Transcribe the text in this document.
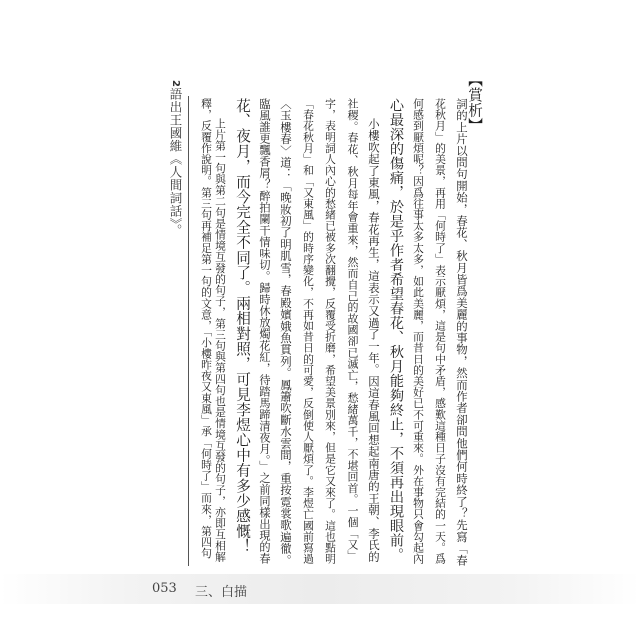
【賞析】
詞的上片以問句開始，春花、秋月皆爲美麗的事物，然而作者卻問他們何時終了？先寫「春
花秋月」的美景，再用「何時了」表示厭煩，這是句中矛盾，感歎這種日子沒有完結的一天。爲
何感到厭煩呢？因爲往事太多太多，如此美麗，而昔日的美好已不可重來。外在事物只會勾起內
心最深的傷痛，於是乎作者希望春花、秋月能夠終止，不須再出現眼前。
小樓吹起了東風，春花再生，這表示又過了一年。因這春風回想起南唐的王朝、李氏的
社稷。春花、秋月每年會重來，然而自己的故國卻已滅亡，愁緒萬千，不堪回首。一個「又」
字，表明詞人內心的愁緒已被多次翻攪，反覆受折磨，希望美景別來，但是它又來了。這也點明
「春花秋月」和「又東風」的時序變化，不再如昔日的可愛，反倒使人厭煩了。李煜亡國前寫過
〈玉樓春〉道：「晚妝初了明肌雪，春殿嬪娥魚貫列。鳳簫吹斷水雲間，重按霓裳歌遍徹。
臨風誰更飄香屑？醉拍闌干情味切。歸時休放燭花紅，待踏馬蹄清夜月。」之前同樣出現的春
花、夜月，而今完全不同了。兩相對照，可見李煜心中有多少感慨！
上片第一句與第二句是情境互發的句子，第三句與第四句也是情境互發的句子，亦即互相解
2語出王國維《人間詞話》。
053 三、白描
釋，反覆作說明。第三句再補足第一句的文意，「小樓昨夜又東風」承「何時了」而來，第四句
